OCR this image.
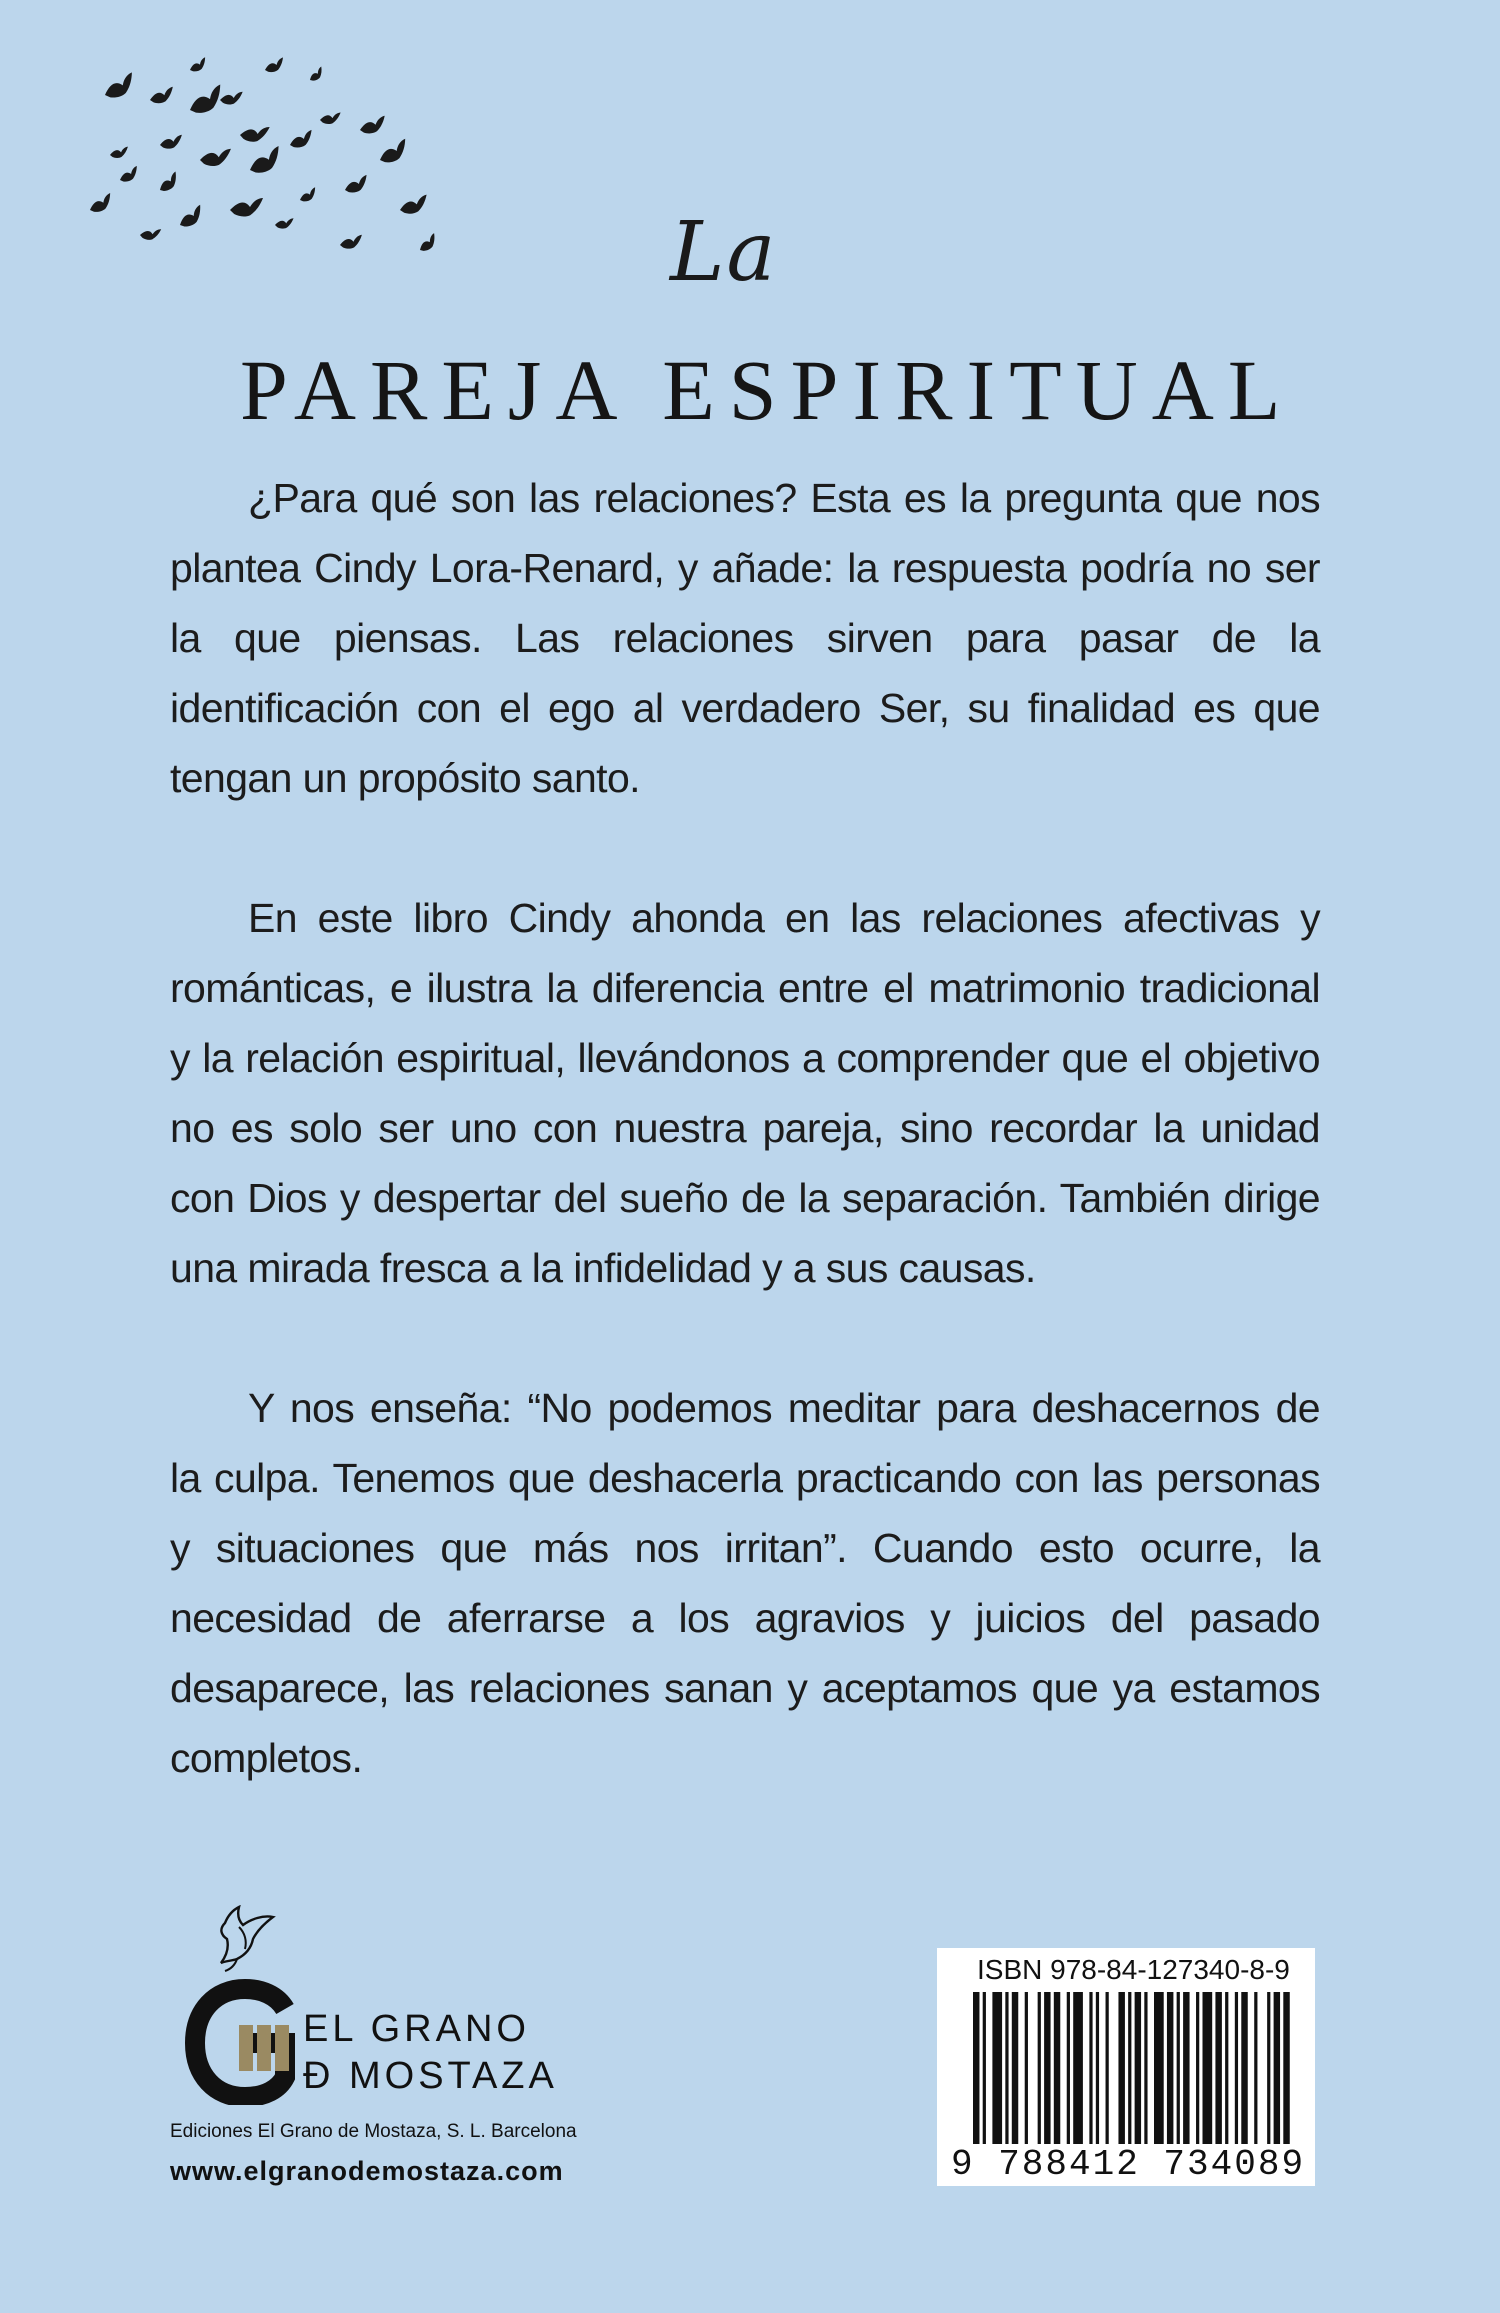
La
PAREJA ESPIRITUAL

¿Para qué son las relaciones? Esta es la pregunta que nos plantea Cindy Lora-Renard, y añade: la respuesta podría no ser la que piensas. Las relaciones sirven para pasar de la identificación con el ego al verdadero Ser, su finalidad es que tengan un propósito santo.

En este libro Cindy ahonda en las relaciones afectivas y románticas, e ilustra la diferencia entre el matrimonio tradicional y la relación espiritual, llevándonos a comprender que el objetivo no es solo ser uno con nuestra pareja, sino recordar la unidad con Dios y despertar del sueño de la separación. También dirige una mirada fresca a la infidelidad y a sus causas.

Y nos enseña: “No podemos meditar para deshacernos de la culpa. Tenemos que deshacerla practicando con las personas y situaciones que más nos irritan”. Cuando esto ocurre, la necesidad de aferrarse a los agravios y juicios del pasado desaparece, las relaciones sanan y aceptamos que ya estamos completos.

EL GRANO
Ð MOSTAZA
Ediciones El Grano de Mostaza, S. L. Barcelona
www.elgranodemostaza.com
ISBN 978-84-127340-8-9
9 788412 734089
